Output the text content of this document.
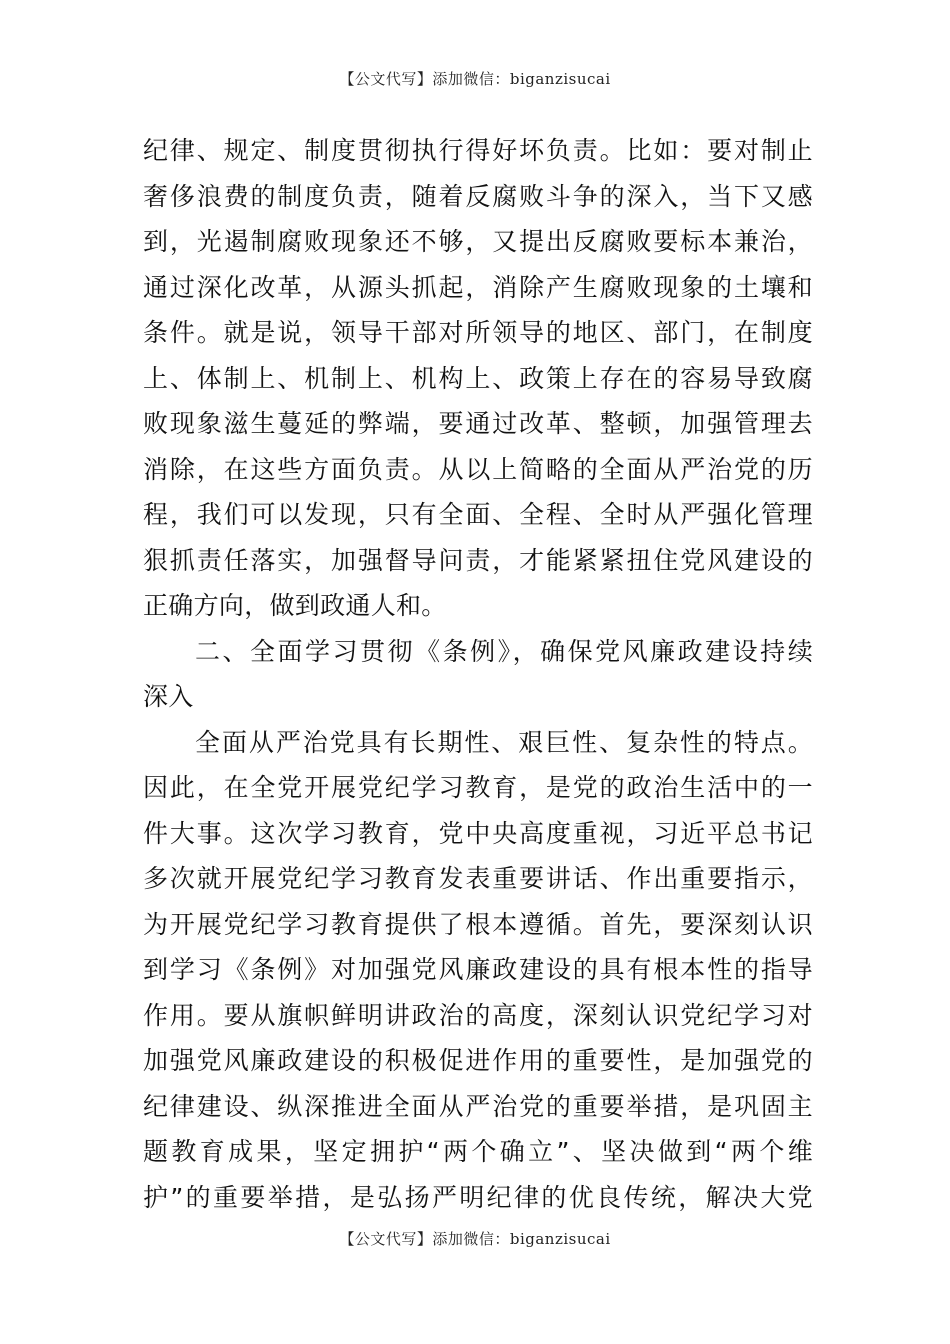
【公文代写】添加微信：biganzisucai
纪律、规定、制度贯彻执行得好坏负责。比如：要对制止
奢侈浪费的制度负责，随着反腐败斗争的深入，当下又感
到，光遏制腐败现象还不够，又提出反腐败要标本兼治，
通过深化改革，从源头抓起，消除产生腐败现象的土壤和
条件。就是说，领导干部对所领导的地区、部门，在制度
上、体制上、机制上、机构上、政策上存在的容易导致腐
败现象滋生蔓延的弊端，要通过改革、整顿，加强管理去
消除，在这些方面负责。从以上简略的全面从严治党的历
程，我们可以发现，只有全面、全程、全时从严强化管理
狠抓责任落实，加强督导问责，才能紧紧扭住党风建设的
正确方向，做到政通人和。
二、全面学习贯彻《条例》，确保党风廉政建设持续
深入
全面从严治党具有长期性、艰巨性、复杂性的特点。
因此，在全党开展党纪学习教育，是党的政治生活中的一
件大事。这次学习教育，党中央高度重视，习近平总书记
多次就开展党纪学习教育发表重要讲话、作出重要指示，
为开展党纪学习教育提供了根本遵循。首先，要深刻认识
到学习《条例》对加强党风廉政建设的具有根本性的指导
作用。要从旗帜鲜明讲政治的高度，深刻认识党纪学习对
加强党风廉政建设的积极促进作用的重要性，是加强党的
纪律建设、纵深推进全面从严治党的重要举措，是巩固主
题教育成果，坚定拥护“两个确立”、坚决做到“两个维
护”的重要举措，是弘扬严明纪律的优良传统，解决大党
【公文代写】添加微信：biganzisucai
